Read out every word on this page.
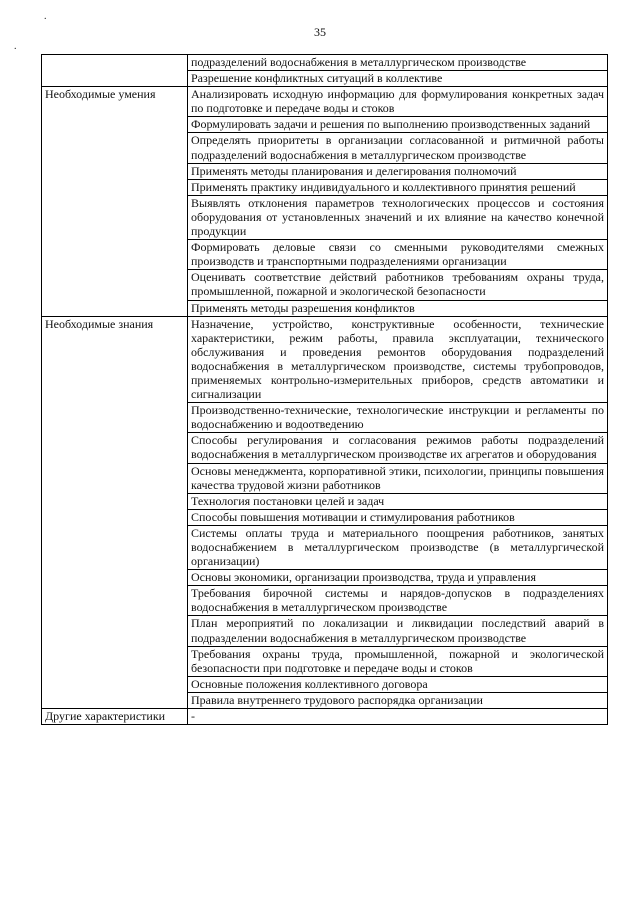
35
.
.
	подразделений водоснабжения в металлургическом производстве
	Разрешение конфликтных ситуаций в коллективе
Необходимые умения	Анализировать исходную информацию для формулирования конкретных задач по подготовке и передаче воды и стоков
	Формулировать задачи и решения по выполнению производственных заданий
	Определять приоритеты в организации согласованной и ритмичной работы подразделений водоснабжения в металлургическом производстве
	Применять методы планирования и делегирования полномочий
	Применять практику индивидуального и коллективного принятия решений
	Выявлять отклонения параметров технологических процессов и состояния оборудования от установленных значений и их влияние на качество конечной продукции
	Формировать деловые связи со сменными руководителями смежных производств и транспортными подразделениями организации
	Оценивать соответствие действий работников требованиям охраны труда, промышленной, пожарной и экологической безопасности
	Применять методы разрешения конфликтов
Необходимые знания	Назначение, устройство, конструктивные особенности, технические характеристики, режим работы, правила эксплуатации, технического обслуживания и проведения ремонтов оборудования подразделений водоснабжения в металлургическом производстве, системы трубопроводов, применяемых контрольно-измерительных приборов, средств автоматики и сигнализации
	Производственно-технические, технологические инструкции и регламенты по водоснабжению и водоотведению
	Способы регулирования и согласования режимов работы подразделений водоснабжения в металлургическом производстве их агрегатов и оборудования
	Основы менеджмента, корпоративной этики, психологии, принципы повышения качества трудовой жизни работников
	Технология постановки целей и задач
	Способы повышения мотивации и стимулирования работников
	Системы оплаты труда и материального поощрения работников, занятых водоснабжением в металлургическом производстве (в металлургической организации)
	Основы экономики, организации производства, труда и управления
	Требования бирочной системы и нарядов-допусков в подразделениях водоснабжения в металлургическом производстве
	План мероприятий по локализации и ликвидации последствий аварий в подразделении водоснабжения в металлургическом производстве
	Требования охраны труда, промышленной, пожарной и экологической безопасности при подготовке и передаче воды и стоков
	Основные положения коллективного договора
	Правила внутреннего трудового распорядка организации
Другие характеристики	-
